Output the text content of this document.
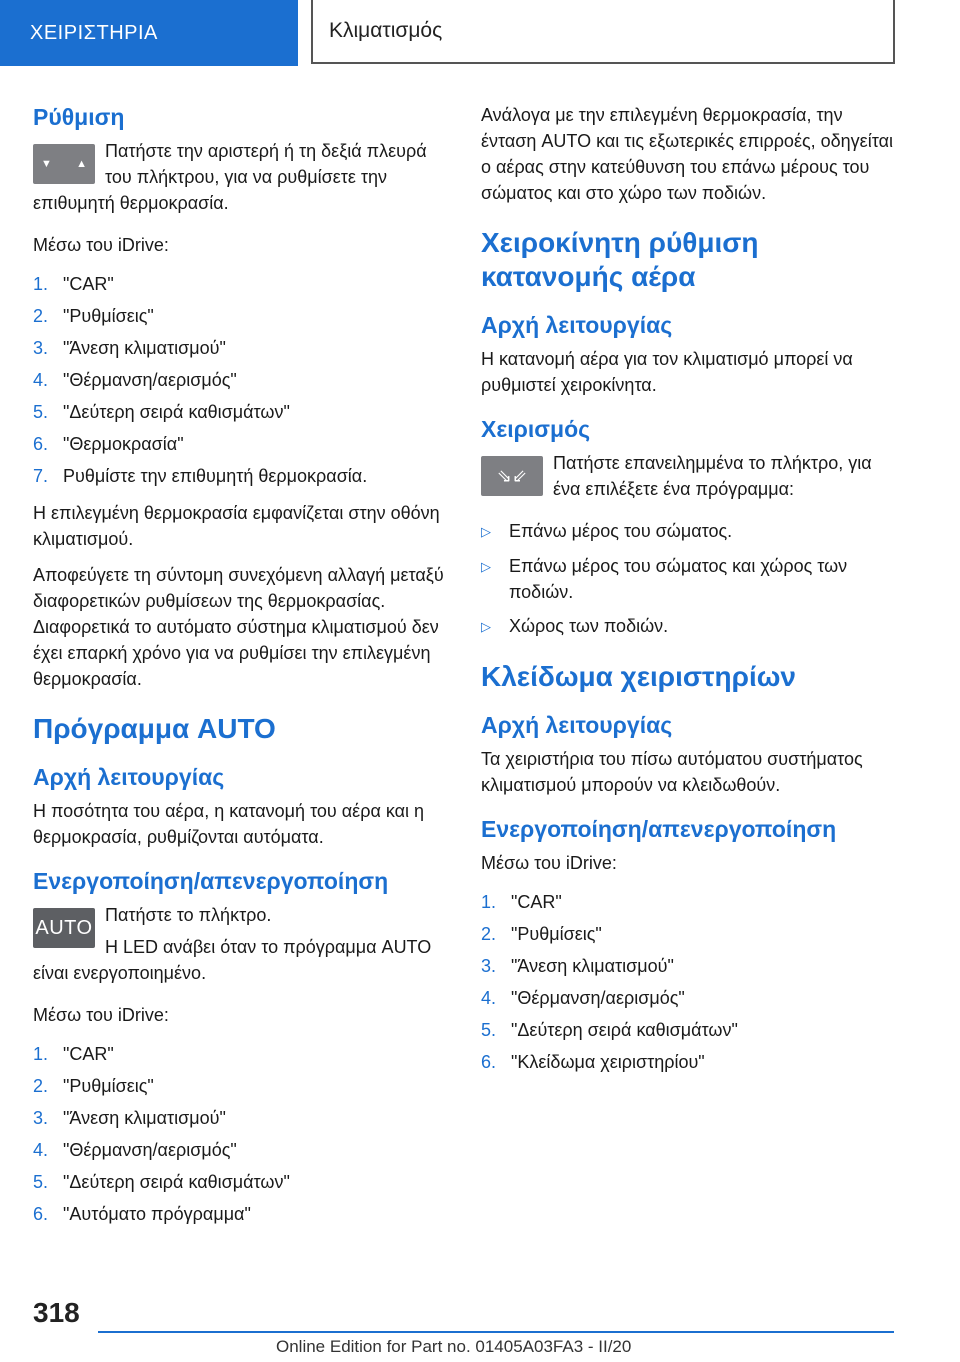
ΧΕΙΡΙΣΤΗΡΙΑ	Κλιματισμός
Ρύθμιση
▼ ▲

Πατήστε την αριστερή ή τη δεξιά πλευρά του πλήκτρου, για να ρυθμίσετε την επιθυμητή θερμοκρασία.

Μέσω του iDrive:

1. "CAR"
2. "Ρυθμίσεις"
3. "Άνεση κλιματισμού"
4. "Θέρμανση/αερισμός"
5. "Δεύτερη σειρά καθισμάτων"
6. "Θερμοκρασία"
7. Ρυθμίστε την επιθυμητή θερμοκρασία.

Η επιλεγμένη θερμοκρασία εμφανίζεται στην οθόνη κλιματισμού.

Αποφεύγετε τη σύντομη συνεχόμενη αλλαγή μεταξύ διαφορετικών ρυθμίσεων της θερμοκρασίας. Διαφορετικά το αυτόματο σύστημα κλιματισμού δεν έχει επαρκή χρόνο για να ρυθμίσει την επιλεγμένη θερμοκρασία.

Πρόγραμμα AUTO
Αρχή λειτουργίας

Η ποσότητα του αέρα, η κατανομή του αέρα και η θερμοκρασία, ρυθμίζονται αυτόματα.

Ενεργοποίηση/απενεργοποίηση
AUTO

Πατήστε το πλήκτρο.

Η LED ανάβει όταν το πρόγραμμα AUTO είναι ενεργοποιημένο.

Μέσω του iDrive:

1. "CAR"
2. "Ρυθμίσεις"
3. "Άνεση κλιματισμού"
4. "Θέρμανση/αερισμός"
5. "Δεύτερη σειρά καθισμάτων"
6. "Αυτόματο πρόγραμμα"

Ανάλογα με την επιλεγμένη θερμοκρασία, την ένταση AUTO και τις εξωτερικές επιρροές, οδηγείται ο αέρας στην κατεύθυνση του επάνω μέρους του σώματος και στο χώρο των ποδιών.

Χειροκίνητη ρύθμιση κατανομής αέρα
Αρχή λειτουργίας

Η κατανομή αέρα για τον κλιματισμό μπορεί να ρυθμιστεί χειροκίνητα.

Χειρισμός
⇘⇙

Πατήστε επανειλημμένα το πλήκτρο, για ένα επιλέξετε ένα πρόγραμμα:

▷	Επάνω μέρος του σώματος.
▷	Επάνω μέρος του σώματος και χώρος των ποδιών.
▷	Χώρος των ποδιών.
Κλείδωμα χειριστηρίων
Αρχή λειτουργίας

Τα χειριστήρια του πίσω αυτόματου συστήματος κλιματισμού μπορούν να κλειδωθούν.

Ενεργοποίηση/απενεργοποίηση

Μέσω του iDrive:

1. "CAR"
2. "Ρυθμίσεις"
3. "Άνεση κλιματισμού"
4. "Θέρμανση/αερισμός"
5. "Δεύτερη σειρά καθισμάτων"
6. "Κλείδωμα χειριστηρίου"
318
Online Edition for Part no. 01405A03FA3 - II/20
